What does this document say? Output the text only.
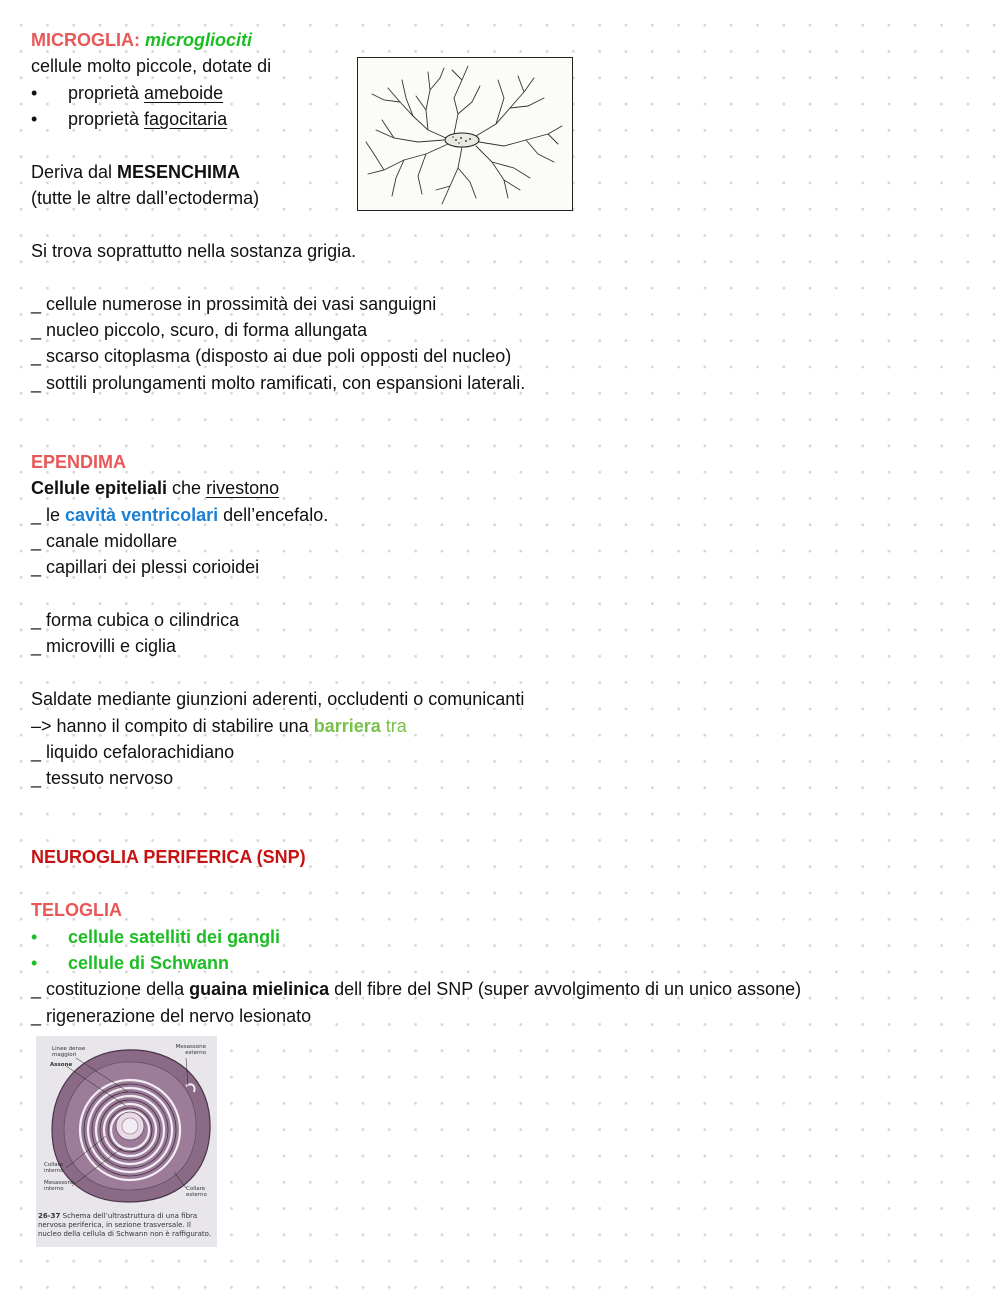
MICROGLIA: microgliociti
cellule molto piccole, dotate di
• proprietà ameboide
• proprietà fagocitaria
Deriva dal MESENCHIMA
(tutte le altre dall’ectoderma)
Si trova soprattutto nella sostanza grigia.
_ cellule numerose in prossimità dei vasi sanguigni
_ nucleo piccolo, scuro, di forma allungata
_ scarso citoplasma (disposto ai due poli opposti del nucleo)
_ sottili prolungamenti molto ramificati, con espansioni laterali.
EPENDIMA
Cellule epiteliali che rivestono
_ le cavità ventricolari dell’encefalo.
_ canale midollare
_ capillari dei plessi corioidei
_ forma cubica o cilindrica
_ microvilli e ciglia
Saldate mediante giunzioni aderenti, occludenti o comunicanti
–> hanno il compito di stabilire una barriera tra
_ liquido cefalorachidiano
_ tessuto nervoso
NEUROGLIA PERIFERICA (SNP)
TELOGLIA
• cellule satelliti dei gangli
• cellule di Schwann
_ costituzione della guaina mielinica dell fibre del SNP (super avvolgimento di un unico assone)
_ rigenerazione del nervo lesionato
Linee dense maggiori
Assone
Mesassone esterno
Collare interno
Mesassone interno	Collare esterno
26-37 Schema dell’ultrastruttura di una fibra nervosa periferica, in sezione trasversale. Il nucleo della cellula di Schwann non è raffigurato.
